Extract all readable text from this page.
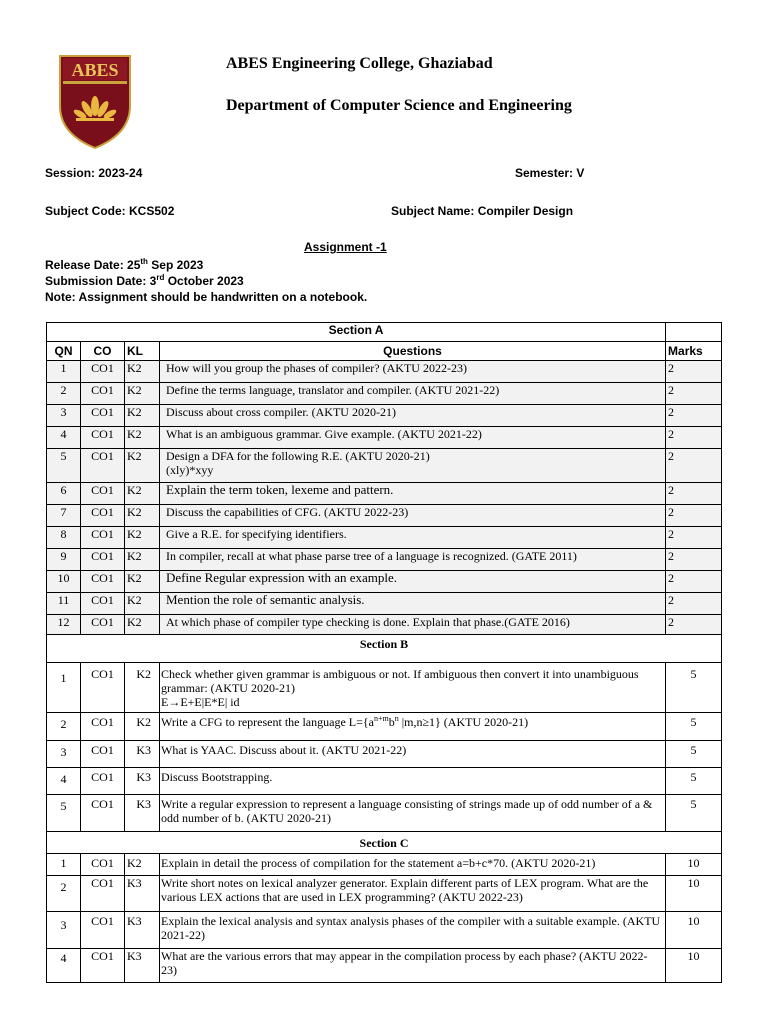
ABES	ABES Engineering College, Ghaziabad
Department of Computer Science and Engineering
Session: 2023-24	Semester: V
Subject Code: KCS502	Subject Name: Compiler Design
Assignment -1
Release Date: 25th Sep 2023
Submission Date: 3rd October 2023
Note: Assignment should be handwritten on a notebook.
Section A				
QN	CO	KL	Questions	Marks
1	CO1	K2	How will you group the phases of compiler? (AKTU 2022-23)	2
2	CO1	K2	Define the terms language, translator and compiler. (AKTU 2021-22)	2
3	CO1	K2	Discuss about cross compiler. (AKTU 2020-21)	2
4	CO1	K2	What is an ambiguous grammar. Give example. (AKTU 2021-22)	2
5	CO1	K2	Design a DFA for the following R.E. (AKTU 2020-21)
(xly)*xyy	2
6	CO1	K2	Explain the term token, lexeme and pattern.	2
7	CO1	K2	Discuss the capabilities of CFG. (AKTU 2022-23)	2
8	CO1	K2	Give a R.E. for specifying identifiers.	2
9	CO1	K2	In compiler, recall at what phase parse tree of a language is recognized. (GATE 2011)	2
10	CO1	K2	Define Regular expression with an example.	2
11	CO1	K2	Mention the role of semantic analysis.	2
12	CO1	K2	At which phase of compiler type checking is done. Explain that phase.(GATE 2016)	2
Section B				
1	CO1	K2	Check whether given grammar is ambiguous or not. If ambiguous then convert it into unambiguous grammar: (AKTU 2020-21)
E→E+E|E*E| id	5
2	CO1	K2	Write a CFG to represent the language $L=\{a^{n+m}b^n$ |m,n≥1} (AKTU 2020-21)	5
3	CO1	K3	What is YAAC. Discuss about it. (AKTU 2021-22)	5
4	CO1	K3	Discuss Bootstrapping.	5
5	CO1	K3	Write a regular expression to represent a language consisting of strings made up of odd number of a & odd number of b. (AKTU 2020-21)	5
Section C				
1	CO1	K2	Explain in detail the process of compilation for the statement a=b+c*70. (AKTU 2020-21)	10
2	CO1	K3	Write short notes on lexical analyzer generator. Explain different parts of LEX program. What are the various LEX actions that are used in LEX programming? (AKTU 2022-23)	10
3	CO1	K3	Explain the lexical analysis and syntax analysis phases of the compiler with a suitable example. (AKTU 2021-22)	10
4	CO1	K3	What are the various errors that may appear in the compilation process by each phase? (AKTU 2022-23)	10
